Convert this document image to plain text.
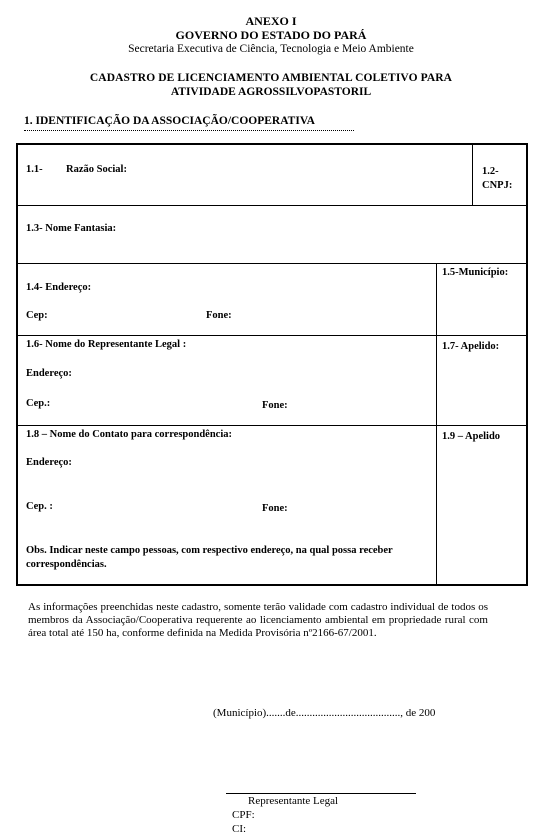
ANEXO I
GOVERNO DO ESTADO DO PARÁ
Secretaria Executiva de Ciência, Tecnologia e Meio Ambiente
CADASTRO DE LICENCIAMENTO AMBIENTAL COLETIVO PARA
ATIVIDADE AGROSSILVOPASTORIL
1. IDENTIFICAÇÃO DA ASSOCIAÇÃO/COOPERATIVA
1.1- Razão Social:	1.2-
CNPJ:
1.3- Nome Fantasia:
1.4- Endereço:
Cep:	Fone:
1.5-Município:
1.6- Nome do Representante Legal :
Endereço:
Cep.:	Fone:
1.7- Apelido:
1.8 – Nome do Contato para correspondência:
Endereço:
Cep. :	Fone:
1.9 – Apelido
Obs. Indicar neste campo pessoas, com respectivo endereço, na qual possa receber correspondências.
As informações preenchidas neste cadastro, somente terão validade com cadastro individual de todos os membros da Associação/Cooperativa requerente ao licenciamento ambiental em propriedade rural com área total até 150 ha, conforme definida na Medida Provisória nº2166-67/2001.
(Município).......de......................................, de 200
Representante Legal
CPF:
CI:
